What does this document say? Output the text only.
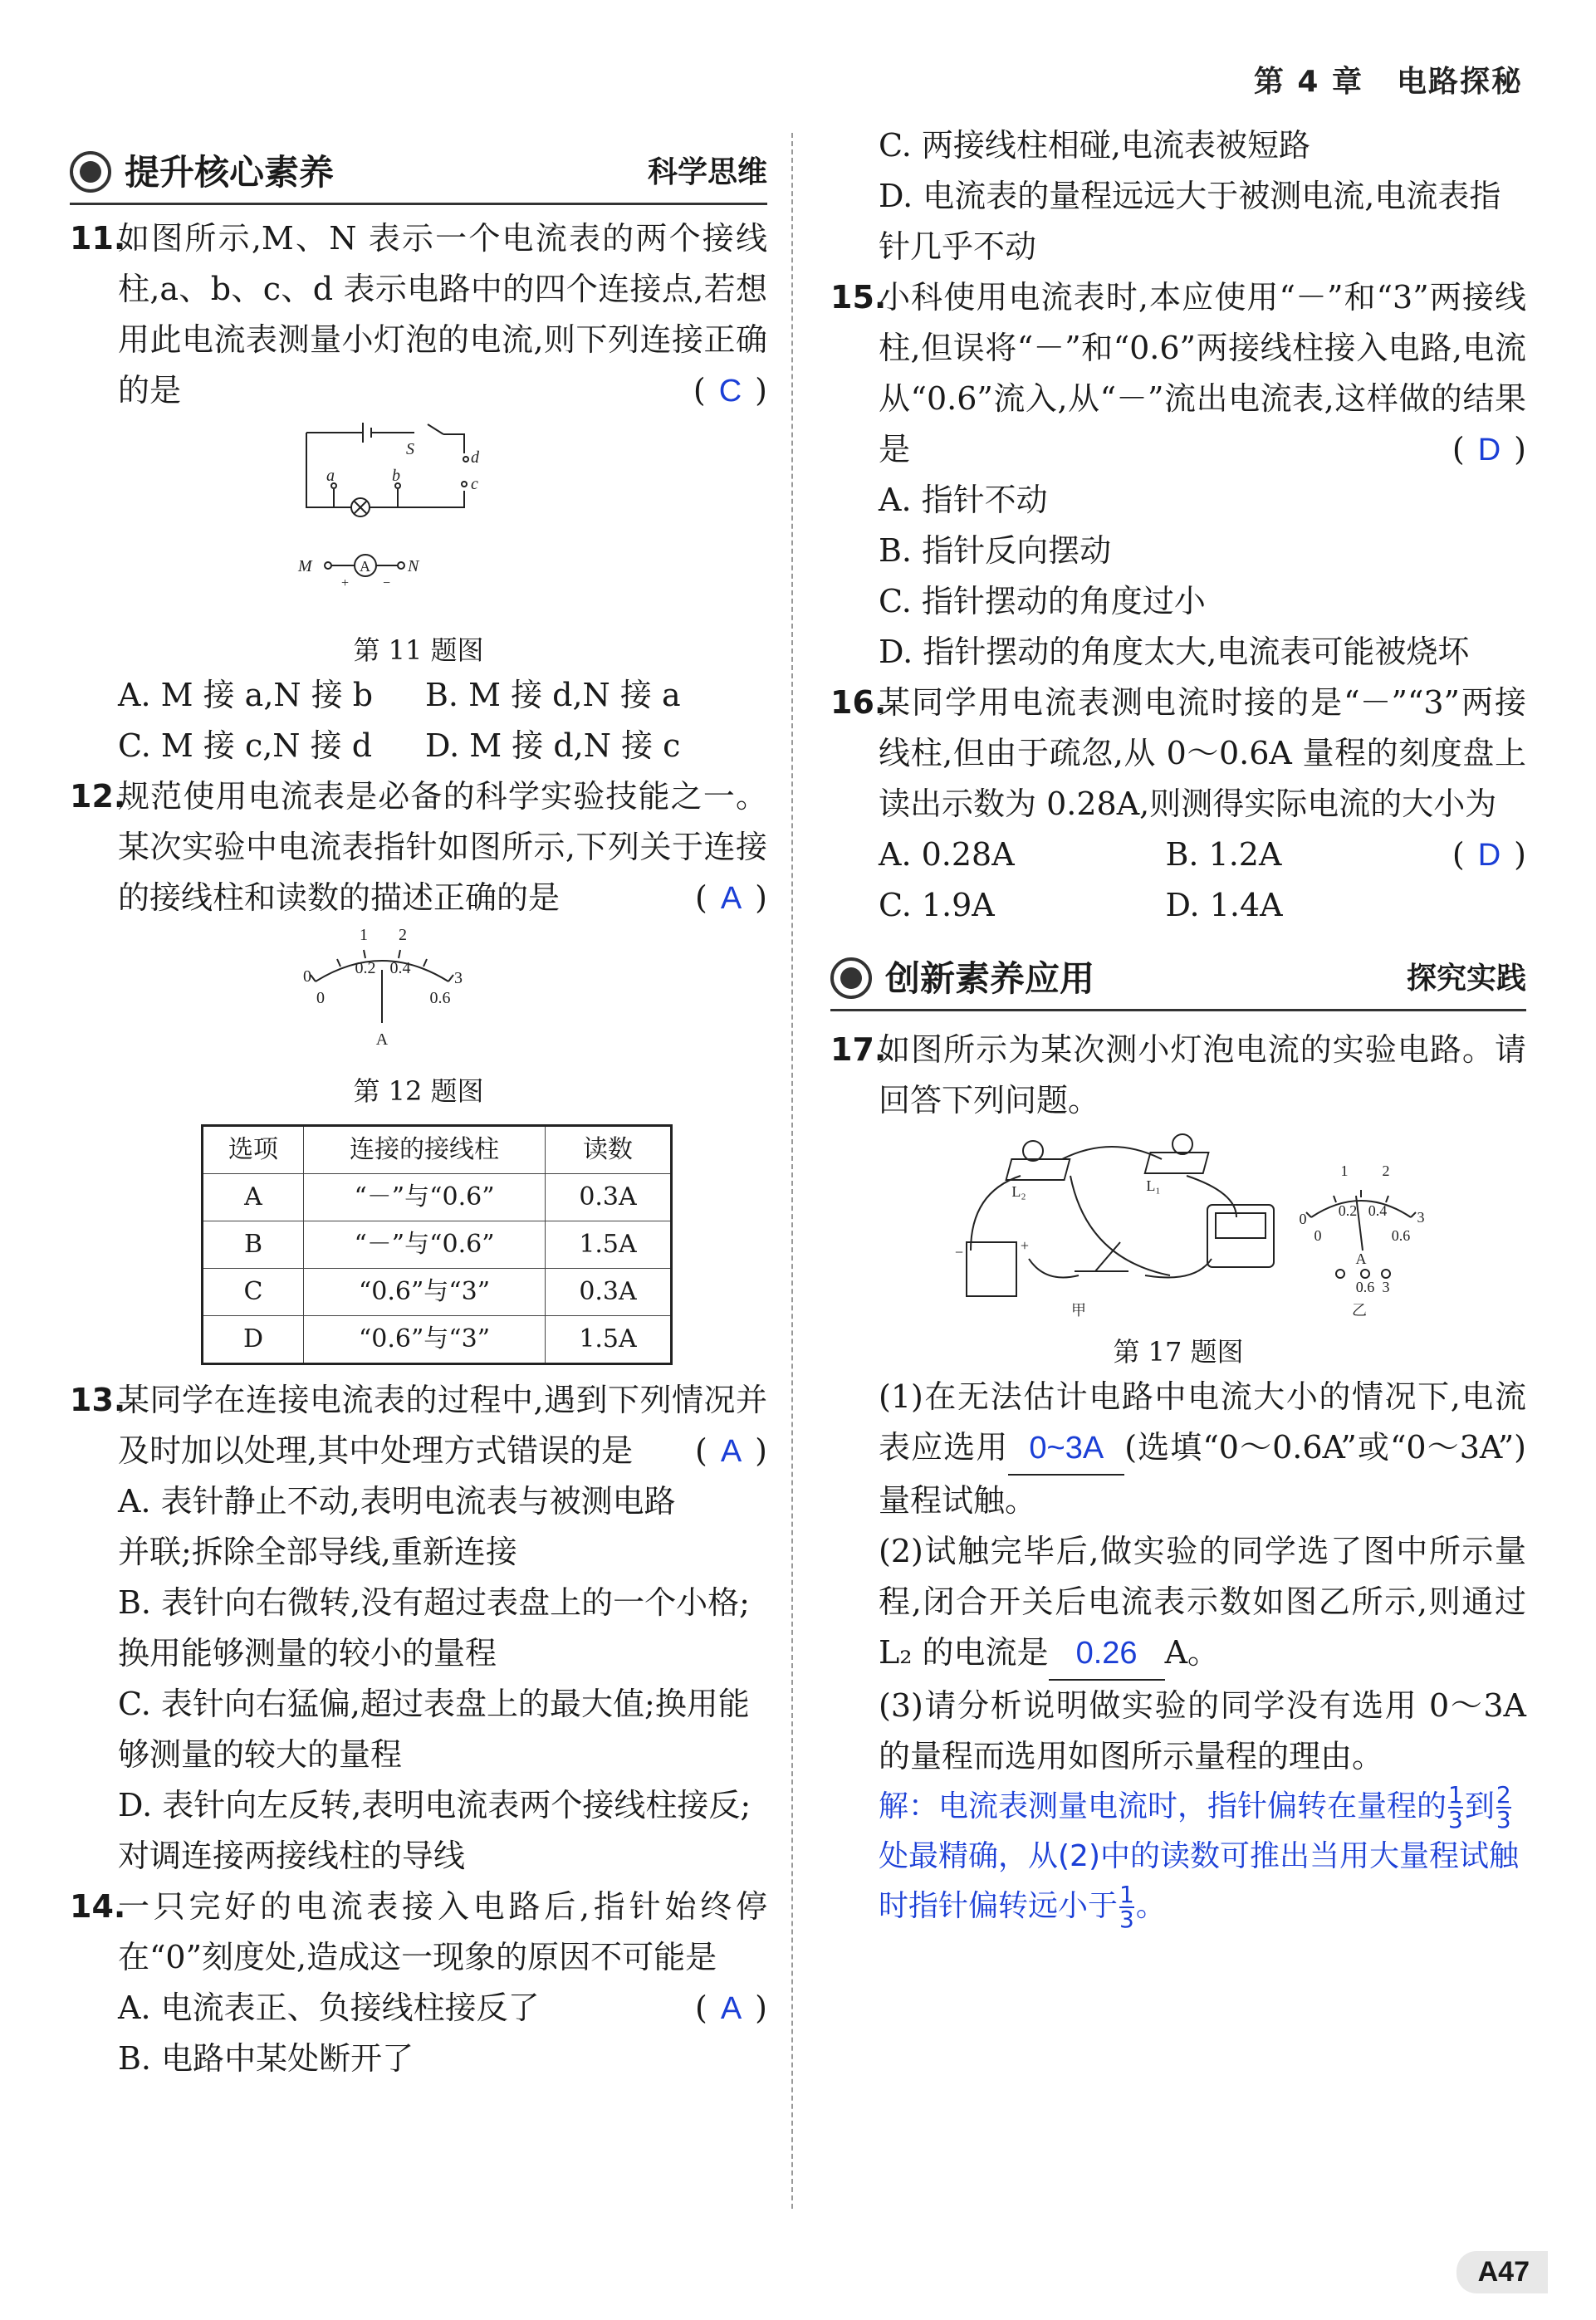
第 4 章 电路探秘
提升核心素养	科学思维
11.
如图所示,M、N 表示一个电流表的两个接线柱,a、b、c、d 表示电路中的四个连接点,若想用此电流表测量小灯泡的电流,则下列连接正确的是	( C )
S	d
c
a	b
M	N
A
+	−
第 11 题图
A. M 接 a,N 接 b	B. M 接 d,N 接 a
C. M 接 c,N 接 d	D. M 接 d,N 接 c
12.
规范使用电流表是必备的科学实验技能之一。某次实验中电流表指针如图所示,下列关于连接的接线柱和读数的描述正确的是	( A )
1 2
0	3
0
0.2 0.4
0.6
A
第 12 题图
选项	连接的接线柱	读数
A	“－”与“0.6”	0.3A
B	“－”与“0.6”	1.5A
C	“0.6”与“3”	0.3A
D	“0.6”与“3”	1.5A
13.
某同学在连接电流表的过程中,遇到下列情况并及时加以处理,其中处理方式错误的是 ( A )
A. 表针静止不动,表明电流表与被测电路并联;拆除全部导线,重新连接
B. 表针向右微转,没有超过表盘上的一个小格;换用能够测量的较小的量程
C. 表针向右猛偏,超过表盘上的最大值;换用能够测量的较大的量程
D. 表针向左反转,表明电流表两个接线柱接反;对调连接两接线柱的导线
14.
一只完好的电流表接入电路后,指针始终停在“0”刻度处,造成这一现象的原因不可能是
( A )
A. 电流表正、负接线柱接反了
B. 电路中某处断开了
C. 两接线柱相碰,电流表被短路
D. 电流表的量程远远大于被测电流,电流表指针几乎不动
15.
小科使用电流表时,本应使用“－”和“3”两接线柱,但误将“－”和“0.6”两接线柱接入电路,电流从“0.6”流入,从“－”流出电流表,这样做的结果是	( D )
A. 指针不动
B. 指针反向摆动
C. 指针摆动的角度过小
D. 指针摆动的角度太大,电流表可能被烧坏
16.
某同学用电流表测电流时接的是“－”“3”两接线柱,但由于疏忽,从 0～0.6A 量程的刻度盘上读出示数为 0.28A,则测得实际电流的大小为
( D )
A. 0.28A	B. 1.2A
C. 1.9A	D. 1.4A
创新素养应用	探究实践
17.
如图所示为某次测小灯泡电流的实验电路。请回答下列问题。
L₂	L₁
+
−
甲	乙
1 2
0	3
0
0.2 0.4
0.6
A
0.6 3
第 17 题图
(1)在无法估计电路中电流大小的情况下,电流表应选用 0~3A (选填“0～0.6A”或“0～3A”)量程试触。
(2)试触完毕后,做实验的同学选了图中所示量程,闭合开关后电流表示数如图乙所示,则通过 L₂ 的电流是 0.26 A。
(3)请分析说明做实验的同学没有选用 0～3A 的量程而选用如图所示量程的理由。
解：电流表测量电流时，指针偏转在量程的 $\frac{1}{3}$ 到 $\frac{2}{3}$
处最精确，从(2)中的读数可推出当用大量程试触时指针偏转远小于 $\frac{1}{3}$ 。
A47
